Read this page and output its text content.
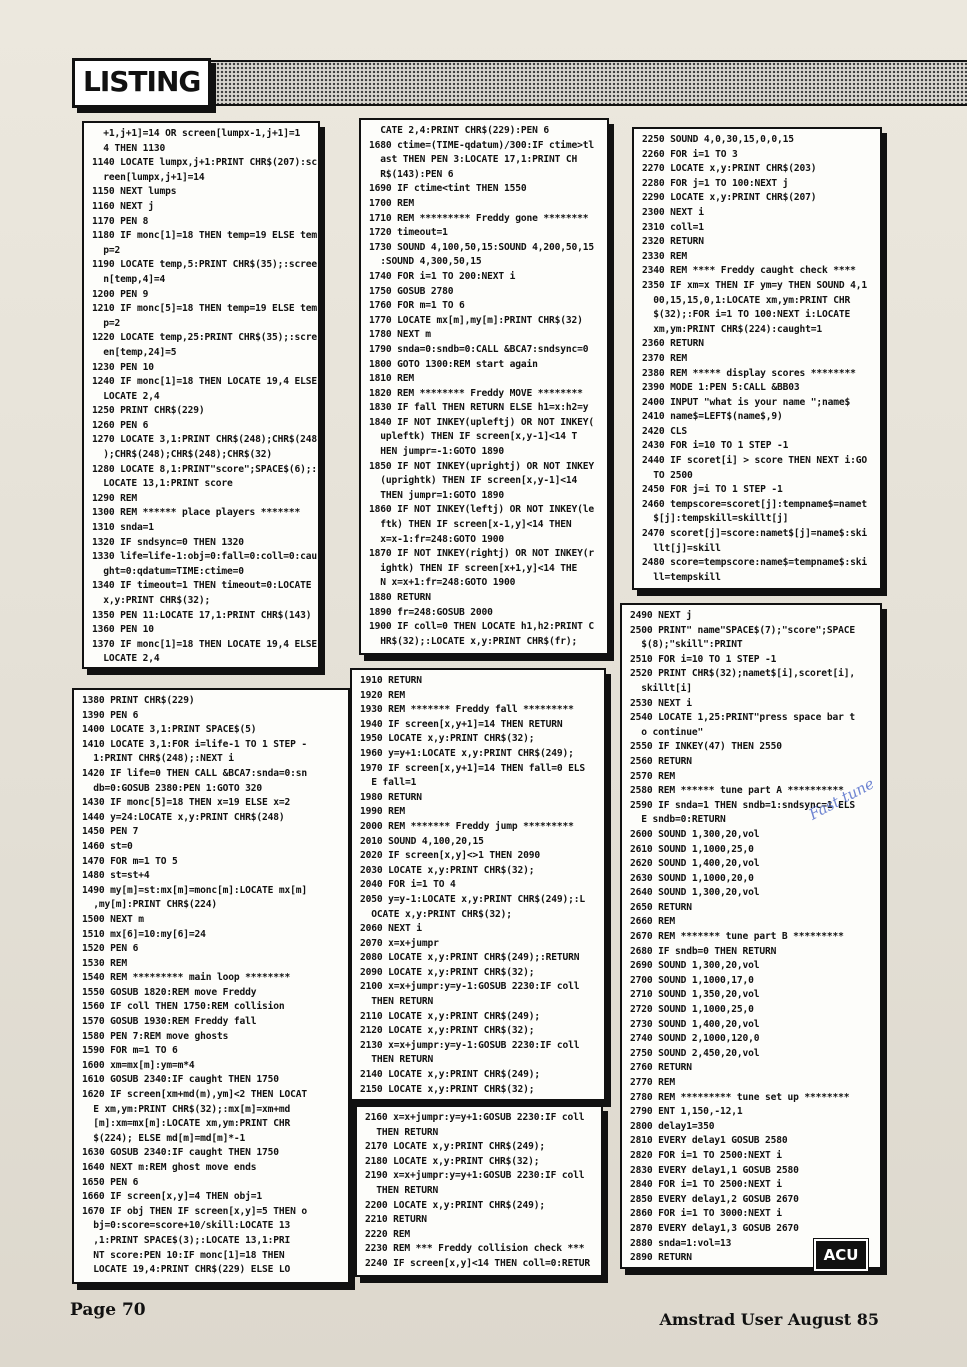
LISTING
+1,j+1]=14 OR screen[lumpx-1,j+1]=1
4 THEN 1130
1140 LOCATE lumpx,j+1:PRINT CHR$(207):sc
reen[lumpx,j+1]=14
1150 NEXT lumps
1160 NEXT j
1170 PEN 8
1180 IF monc[1]=18 THEN temp=19 ELSE tem
p=2
1190 LOCATE temp,5:PRINT CHR$(35);:scree
n[temp,4]=4
1200 PEN 9
1210 IF monc[5]=18 THEN temp=19 ELSE tem
p=2
1220 LOCATE temp,25:PRINT CHR$(35);:scre
en[temp,24]=5
1230 PEN 10
1240 IF monc[1]=18 THEN LOCATE 19,4 ELSE
LOCATE 2,4
1250 PRINT CHR$(229)
1260 PEN 6
1270 LOCATE 3,1:PRINT CHR$(248);CHR$(248
);CHR$(248);CHR$(248);CHR$(32)
1280 LOCATE 8,1:PRINT"score";SPACE$(6);:
LOCATE 13,1:PRINT score
1290 REM
1300 REM ****** place players *******
1310 snda=1
1320 IF sndsync=0 THEN 1320
1330 life=life-1:obj=0:fall=0:coll=0:cau
ght=0:qdatum=TIME:ctime=0
1340 IF timeout=1 THEN timeout=0:LOCATE
x,y:PRINT CHR$(32);
1350 PEN 11:LOCATE 17,1:PRINT CHR$(143)
1360 PEN 10
1370 IF monc[1]=18 THEN LOCATE 19,4 ELSE
LOCATE 2,4
1380 PRINT CHR$(229)
1390 PEN 6
1400 LOCATE 3,1:PRINT SPACE$(5)
1410 LOCATE 3,1:FOR i=life-1 TO 1 STEP -
1:PRINT CHR$(248);:NEXT i
1420 IF life=0 THEN CALL &BCA7:snda=0:sn
db=0:GOSUB 2380:PEN 1:GOTO 320
1430 IF monc[5]=18 THEN x=19 ELSE x=2
1440 y=24:LOCATE x,y:PRINT CHR$(248)
1450 PEN 7
1460 st=0
1470 FOR m=1 TO 5
1480 st=st+4
1490 my[m]=st:mx[m]=monc[m]:LOCATE mx[m]
,my[m]:PRINT CHR$(224)
1500 NEXT m
1510 mx[6]=10:my[6]=24
1520 PEN 6
1530 REM
1540 REM ********* main loop ********
1550 GOSUB 1820:REM move Freddy
1560 IF coll THEN 1750:REM collision
1570 GOSUB 1930:REM Freddy fall
1580 PEN 7:REM move ghosts
1590 FOR m=1 TO 6
1600 xm=mx[m]:ym=m*4
1610 GOSUB 2340:IF caught THEN 1750
1620 IF screen[xm+md(m),ym]<2 THEN LOCAT
E xm,ym:PRINT CHR$(32);:mx[m]=xm+md
[m]:xm=mx[m]:LOCATE xm,ym:PRINT CHR
$(224); ELSE md[m]=md[m]*-1
1630 GOSUB 2340:IF caught THEN 1750
1640 NEXT m:REM ghost move ends
1650 PEN 6
1660 IF screen[x,y]=4 THEN obj=1
1670 IF obj THEN IF screen[x,y]=5 THEN o
bj=0:score=score+10/skill:LOCATE 13
,1:PRINT SPACE$(3);:LOCATE 13,1:PRI
NT score:PEN 10:IF monc[1]=18 THEN
LOCATE 19,4:PRINT CHR$(229) ELSE LO
CATE 2,4:PRINT CHR$(229):PEN 6
1680 ctime=(TIME-qdatum)/300:IF ctime>tl
ast THEN PEN 3:LOCATE 17,1:PRINT CH
R$(143):PEN 6
1690 IF ctime<tint THEN 1550
1700 REM
1710 REM ********* Freddy gone ********
1720 timeout=1
1730 SOUND 4,100,50,15:SOUND 4,200,50,15
:SOUND 4,300,50,15
1740 FOR i=1 TO 200:NEXT i
1750 GOSUB 2780
1760 FOR m=1 TO 6
1770 LOCATE mx[m],my[m]:PRINT CHR$(32)
1780 NEXT m
1790 snda=0:sndb=0:CALL &BCA7:sndsync=0
1800 GOTO 1300:REM start again
1810 REM
1820 REM ******** Freddy MOVE ********
1830 IF fall THEN RETURN ELSE h1=x:h2=y
1840 IF NOT INKEY(upleftj) OR NOT INKEY(
upleftk) THEN IF screen[x,y-1]<14 T
HEN jumpr=-1:GOTO 1890
1850 IF NOT INKEY(uprightj) OR NOT INKEY
(uprightk) THEN IF screen[x,y-1]<14
THEN jumpr=1:GOTO 1890
1860 IF NOT INKEY(leftj) OR NOT INKEY(le
ftk) THEN IF screen[x-1,y]<14 THEN
x=x-1:fr=248:GOTO 1900
1870 IF NOT INKEY(rightj) OR NOT INKEY(r
ightk) THEN IF screen[x+1,y]<14 THE
N x=x+1:fr=248:GOTO 1900
1880 RETURN
1890 fr=248:GOSUB 2000
1900 IF coll=0 THEN LOCATE h1,h2:PRINT C
HR$(32);:LOCATE x,y:PRINT CHR$(fr);
1910 RETURN
1920 REM
1930 REM ******* Freddy fall *********
1940 IF screen[x,y+1]=14 THEN RETURN
1950 LOCATE x,y:PRINT CHR$(32);
1960 y=y+1:LOCATE x,y:PRINT CHR$(249);
1970 IF screen[x,y+1]=14 THEN fall=0 ELS
E fall=1
1980 RETURN
1990 REM
2000 REM ******* Freddy jump *********
2010 SOUND 4,100,20,15
2020 IF screen[x,y]<>1 THEN 2090
2030 LOCATE x,y:PRINT CHR$(32);
2040 FOR i=1 TO 4
2050 y=y-1:LOCATE x,y:PRINT CHR$(249);:L
OCATE x,y:PRINT CHR$(32);
2060 NEXT i
2070 x=x+jumpr
2080 LOCATE x,y:PRINT CHR$(249);:RETURN
2090 LOCATE x,y:PRINT CHR$(32);
2100 x=x+jumpr:y=y-1:GOSUB 2230:IF coll
THEN RETURN
2110 LOCATE x,y:PRINT CHR$(249);
2120 LOCATE x,y:PRINT CHR$(32);
2130 x=x+jumpr:y=y-1:GOSUB 2230:IF coll
THEN RETURN
2140 LOCATE x,y:PRINT CHR$(249);
2150 LOCATE x,y:PRINT CHR$(32);
2160 x=x+jumpr:y=y+1:GOSUB 2230:IF coll
THEN RETURN
2170 LOCATE x,y:PRINT CHR$(249);
2180 LOCATE x,y:PRINT CHR$(32);
2190 x=x+jumpr:y=y+1:GOSUB 2230:IF coll
THEN RETURN
2200 LOCATE x,y:PRINT CHR$(249);
2210 RETURN
2220 REM
2230 REM *** Freddy collision check ***
2240 IF screen[x,y]<14 THEN coll=0:RETUR
2250 SOUND 4,0,30,15,0,0,15
2260 FOR i=1 TO 3
2270 LOCATE x,y:PRINT CHR$(203)
2280 FOR j=1 TO 100:NEXT j
2290 LOCATE x,y:PRINT CHR$(207)
2300 NEXT i
2310 coll=1
2320 RETURN
2330 REM
2340 REM **** Freddy caught check ****
2350 IF xm=x THEN IF ym=y THEN SOUND 4,1
00,15,15,0,1:LOCATE xm,ym:PRINT CHR
$(32);:FOR i=1 TO 100:NEXT i:LOCATE
xm,ym:PRINT CHR$(224):caught=1
2360 RETURN
2370 REM
2380 REM ***** display scores ********
2390 MODE 1:PEN 5:CALL &BB03
2400 INPUT "what is your name ";name$
2410 name$=LEFT$(name$,9)
2420 CLS
2430 FOR i=10 TO 1 STEP -1
2440 IF scoret[i] > score THEN NEXT i:GO
TO 2500
2450 FOR j=i TO 1 STEP -1
2460 tempscore=scoret[j]:tempname$=namet
$[j]:tempskill=skillt[j]
2470 scoret[j]=score:namet$[j]=name$:ski
llt[j]=skill
2480 score=tempscore:name$=tempname$:ski
ll=tempskill
2490 NEXT j
2500 PRINT" name"SPACE$(7);"score";SPACE
$(8);"skill":PRINT
2510 FOR i=10 TO 1 STEP -1
2520 PRINT CHR$(32);namet$[i],scoret[i],
skillt[i]
2530 NEXT i
2540 LOCATE 1,25:PRINT"press space bar t
o continue"
2550 IF INKEY(47) THEN 2550
2560 RETURN
2570 REM
2580 REM ****** tune part A **********
2590 IF snda=1 THEN sndb=1:sndsync=1 ELS
E sndb=0:RETURN
2600 SOUND 1,300,20,vol
2610 SOUND 1,1000,25,0
2620 SOUND 1,400,20,vol
2630 SOUND 1,1000,20,0
2640 SOUND 1,300,20,vol
2650 RETURN
2660 REM
2670 REM ******* tune part B *********
2680 IF sndb=0 THEN RETURN
2690 SOUND 1,300,20,vol
2700 SOUND 1,1000,17,0
2710 SOUND 1,350,20,vol
2720 SOUND 1,1000,25,0
2730 SOUND 1,400,20,vol
2740 SOUND 2,1000,120,0
2750 SOUND 2,450,20,vol
2760 RETURN
2770 REM
2780 REM ********* tune set up ********
2790 ENT 1,150,-12,1
2800 delay1=350
2810 EVERY delay1 GOSUB 2580
2820 FOR i=1 TO 2500:NEXT i
2830 EVERY delay1,1 GOSUB 2580
2840 FOR i=1 TO 2500:NEXT i
2850 EVERY delay1,2 GOSUB 2670
2860 FOR i=1 TO 3000:NEXT i
2870 EVERY delay1,3 GOSUB 2670
2880 snda=1:vol=13
2890 RETURN	ACU
Fast tune
Page 70	Amstrad User August 85
